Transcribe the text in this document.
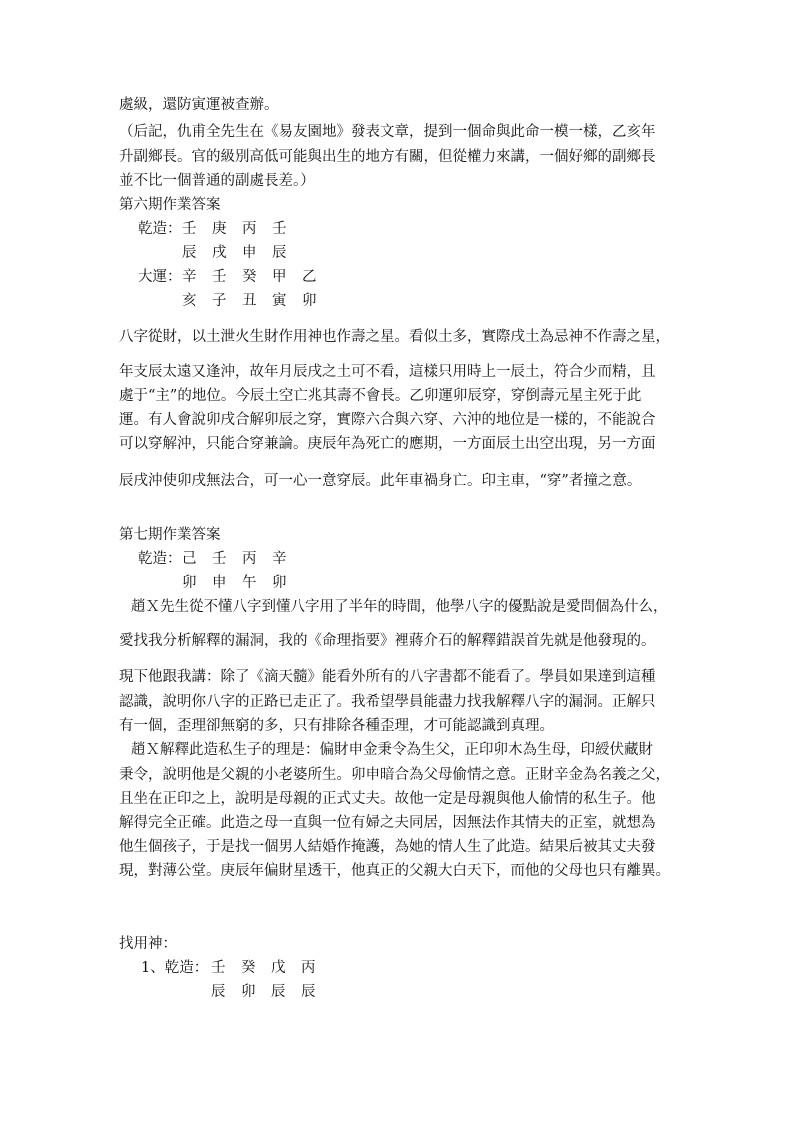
處級，還防寅運被查辦。
（后記，仇甫全先生在《易友園地》發表文章，提到一個命與此命一模一樣，乙亥年
升副鄉長。官的級別高低可能與出生的地方有關，但從權力來講，一個好鄉的副鄉長
並不比一個普通的副處長差。）
第六期作業答案
乾造： 壬	庚	丙	壬
辰	戌	申	辰
大運： 辛	壬	癸	甲	乙
亥	子	丑	寅	卯
八字從財，以土泄火生財作用神也作壽之星。看似土多，實際戌土為忌神不作壽之星，
年支辰太遠又逢沖，故年月辰戌之土可不看，這樣只用時上一辰土，符合少而精，且
處于“主”的地位。今辰土空亡兆其壽不會長。乙卯運卯辰穿，穿倒壽元星主死于此
運。有人會說卯戌合解卯辰之穿，實際六合與六穿、六沖的地位是一樣的，不能說合
可以穿解沖，只能合穿兼論。庚辰年為死亡的應期，一方面辰土出空出現，另一方面
辰戌沖使卯戌無法合，可一心一意穿辰。此年車禍身亡。印主車，“穿”者撞之意。
第七期作業答案
乾造： 己	壬	丙	辛
卯	申	午	卯
趙Ｘ先生從不懂八字到懂八字用了半年的時間，他學八字的優點說是愛問個為什么，
愛找我分析解釋的漏洞，我的《命理指要》裡蔣介石的解釋錯誤首先就是他發現的。
現下他跟我講：除了《滴天髓》能看外所有的八字書都不能看了。學員如果達到這種
認識，說明你八字的正路已走正了。我希望學員能盡力找我解釋八字的漏洞。正解只
有一個，歪理卻無窮的多，只有排除各種歪理，才可能認識到真理。
趙Ｘ解釋此造私生子的理是：偏財申金秉令為生父，正印卯木為生母，印綬伏藏財
秉令，說明他是父親的小老婆所生。卯申暗合為父母偷情之意。正財辛金為名義之父，
且坐在正印之上，說明是母親的正式丈夫。故他一定是母親與他人偷情的私生子。他
解得完全正確。此造之母一直與一位有婦之夫同居，因無法作其情夫的正室，就想為
他生個孩子，于是找一個男人結婚作掩護，為她的情人生了此造。結果后被其丈夫發
現，對薄公堂。庚辰年偏財星透干，他真正的父親大白天下，而他的父母也只有離異。
找用神：
1、乾造： 壬	癸	戊	丙
辰	卯	辰	辰
